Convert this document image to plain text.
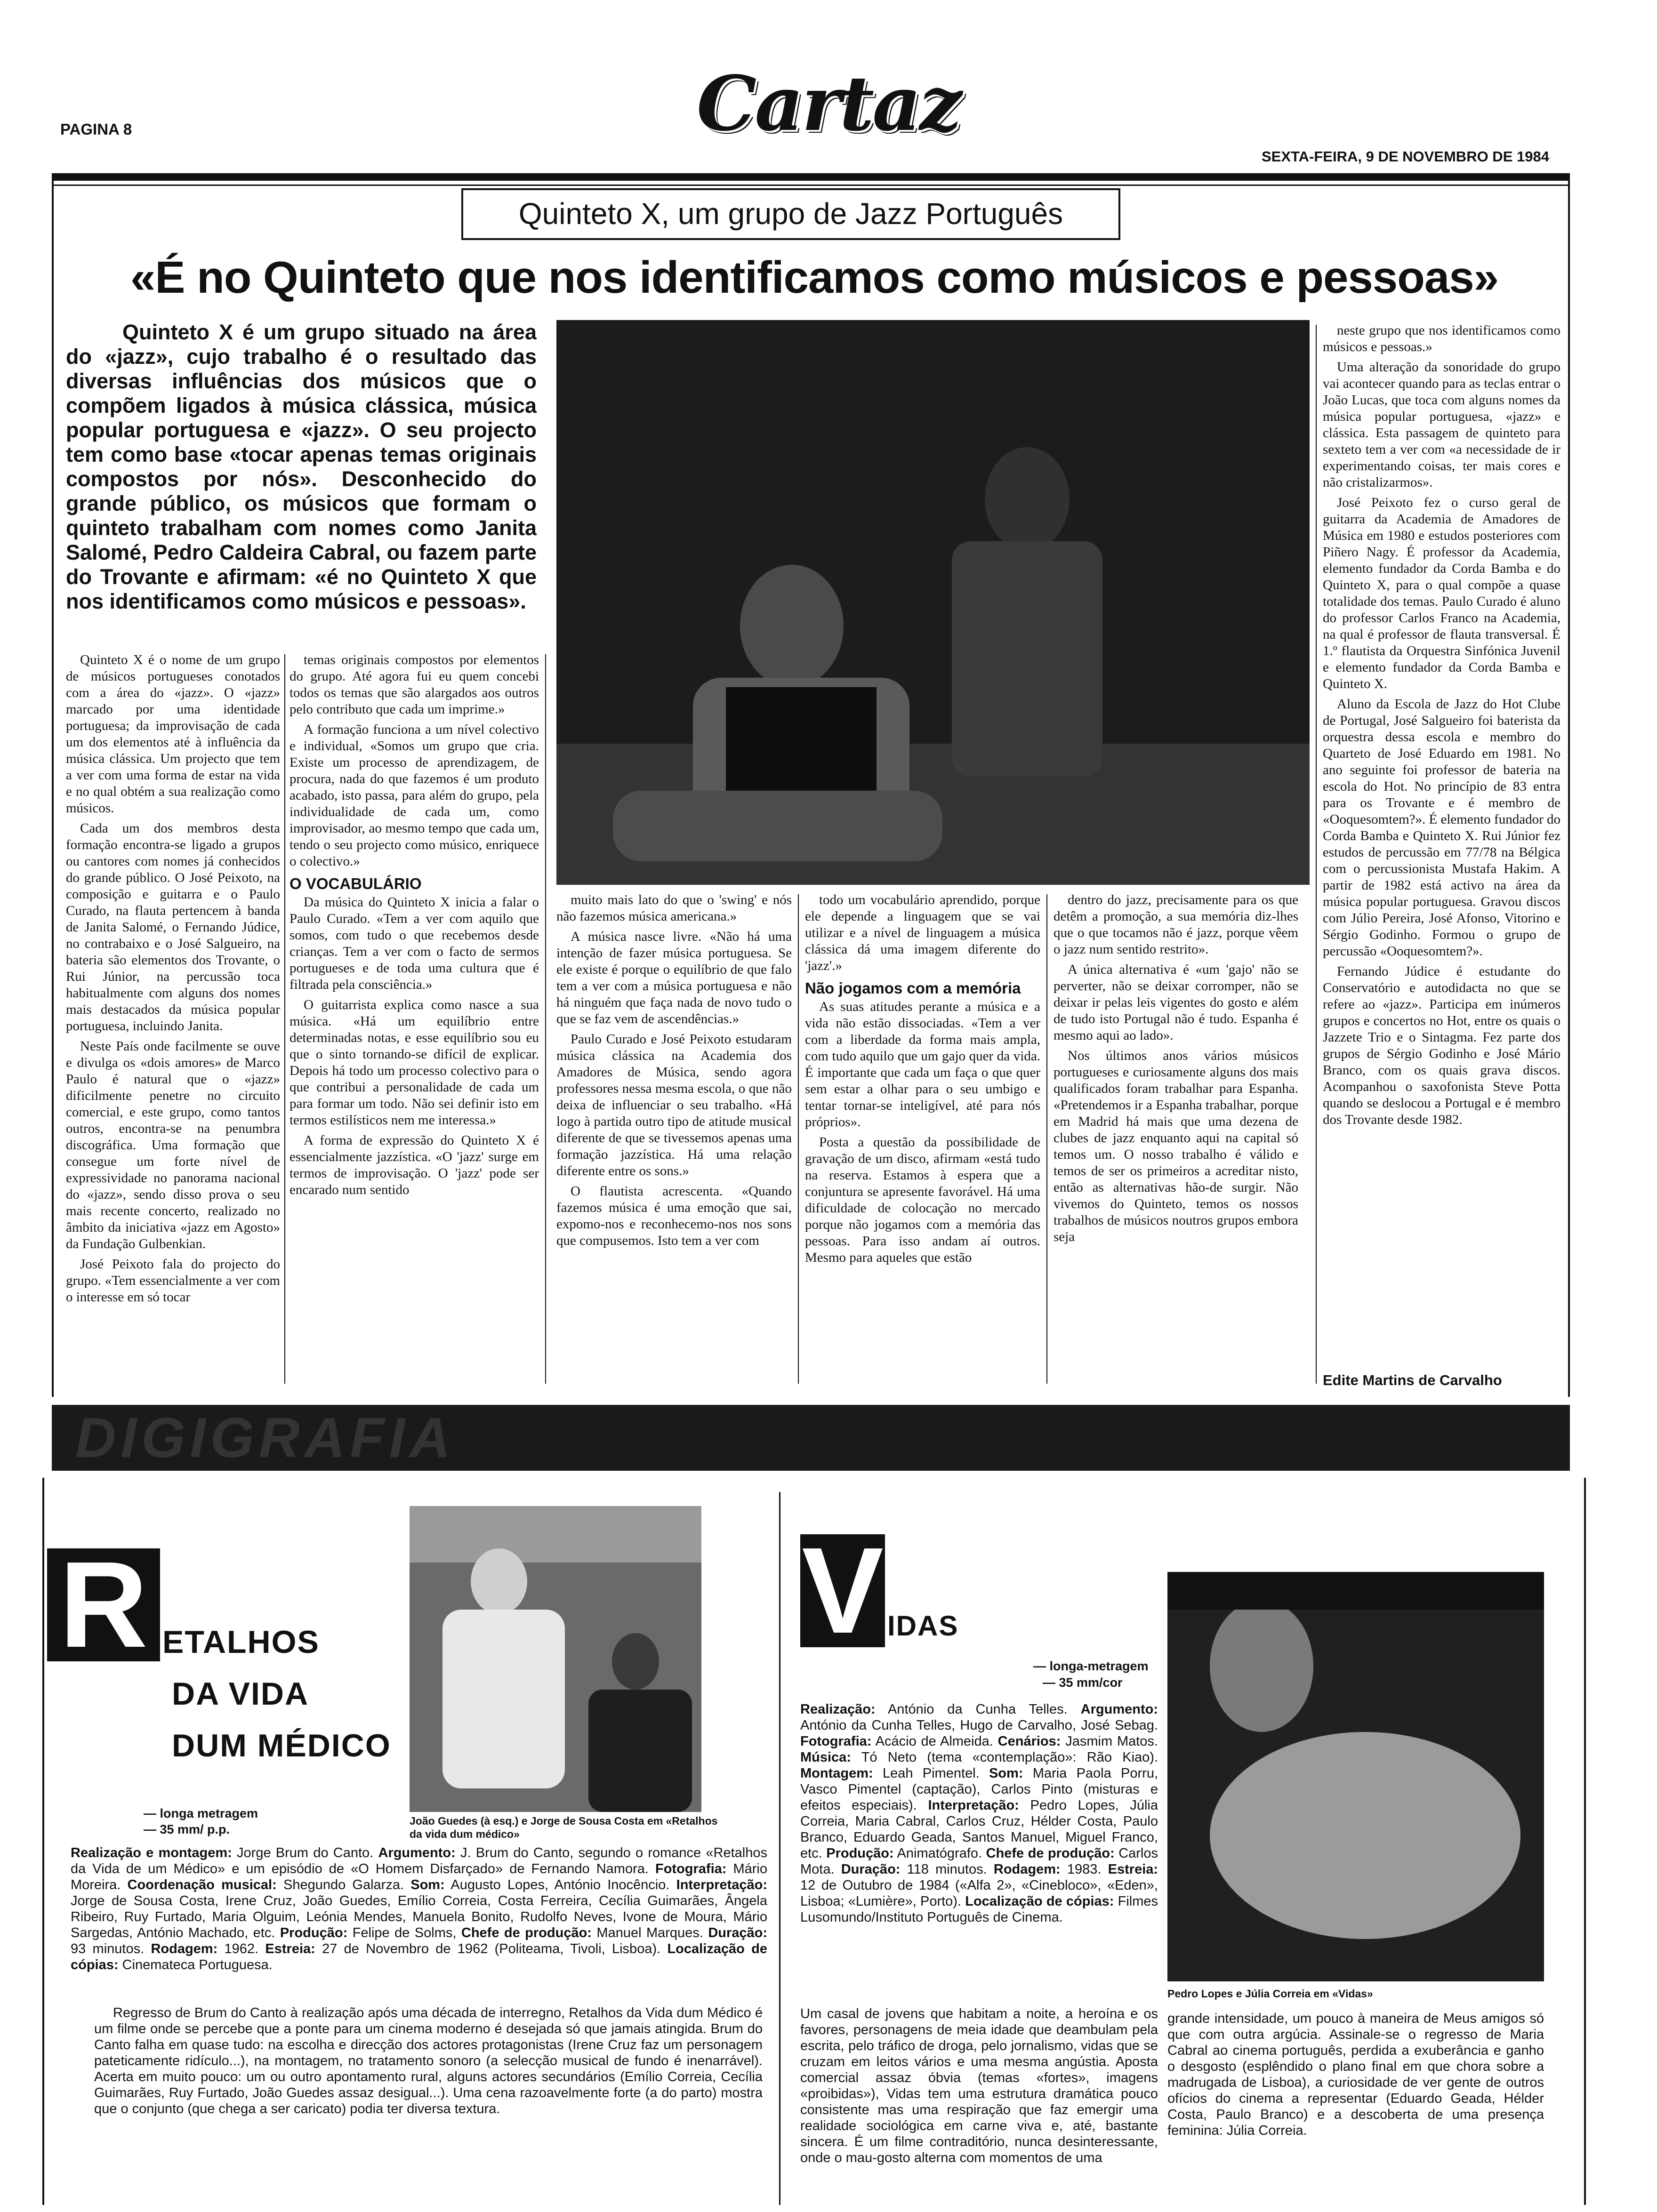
PAGINA 8	Cartaz
SEXTA-FEIRA, 9 DE NOVEMBRO DE 1984
Quinteto X, um grupo de Jazz Português
«É no Quinteto que nos identificamos como músicos e pessoas»
Quinteto X é um grupo situado na área do «jazz», cujo trabalho é o resultado das diversas influências dos músicos que o compõem ligados à música clássica, música popular portuguesa e «jazz». O seu projecto tem como base «tocar apenas temas originais compostos por nós». Desconhecido do grande público, os músicos que formam o quinteto trabalham com nomes como Janita Salomé, Pedro Caldeira Cabral, ou fazem parte do Trovante e afirmam: «é no Quinteto X que nos identificamos como músicos e pessoas».

Quinteto X é o nome de um grupo de músicos portugueses conotados com a área do «jazz». O «jazz» marcado por uma identidade portuguesa; da improvisação de cada um dos elementos até à influência da música clássica. Um projecto que tem a ver com uma forma de estar na vida e no qual obtém a sua realização como músicos.

Cada um dos membros desta formação encontra-se ligado a grupos ou cantores com nomes já conhecidos do grande público. O José Peixoto, na composição e guitarra e o Paulo Curado, na flauta pertencem à banda de Janita Salomé, o Fernando Júdice, no contrabaixo e o José Salgueiro, na bateria são elementos dos Trovante, o Rui Júnior, na percussão toca habitualmente com alguns dos nomes mais destacados da música popular portuguesa, incluindo Janita.

Neste País onde facilmente se ouve e divulga os «dois amores» de Marco Paulo é natural que o «jazz» dificilmente penetre no circuito comercial, e este grupo, como tantos outros, encontra-se na penumbra discográfica. Uma formação que consegue um forte nível de expressividade no panorama nacional do «jazz», sendo disso prova o seu mais recente concerto, realizado no âmbito da iniciativa «jazz em Agosto» da Fundação Gulbenkian.

José Peixoto fala do projecto do grupo. «Tem essencialmente a ver com o interesse em só tocar

temas originais compostos por elementos do grupo. Até agora fui eu quem concebi todos os temas que são alargados aos outros pelo contributo que cada um imprime.»

A formação funciona a um nível colectivo e individual, «Somos um grupo que cria. Existe um processo de aprendizagem, de procura, nada do que fazemos é um produto acabado, isto passa, para além do grupo, pela individualidade de cada um, como improvisador, ao mesmo tempo que cada um, tendo o seu projecto como músico, enriquece o colectivo.»

O VOCABULÁRIO

Da música do Quinteto X inicia a falar o Paulo Curado. «Tem a ver com aquilo que somos, com tudo o que recebemos desde crianças. Tem a ver com o facto de sermos portugueses e de toda uma cultura que é filtrada pela consciência.»

O guitarrista explica como nasce a sua música. «Há um equilíbrio entre determinadas notas, e esse equilíbrio sou eu que o sinto tornando-se difícil de explicar. Depois há todo um processo colectivo para o que contribui a personalidade de cada um para formar um todo. Não sei definir isto em termos estilísticos nem me interessa.»

A forma de expressão do Quinteto X é essencialmente jazzística. «O 'jazz' surge em termos de improvisação. O 'jazz' pode ser encarado num sentido

muito mais lato do que o 'swing' e nós não fazemos música americana.»

A música nasce livre. «Não há uma intenção de fazer música portuguesa. Se ele existe é porque o equilíbrio de que falo tem a ver com a música portuguesa e não há ninguém que faça nada de novo tudo o que se faz vem de ascendências.»

Paulo Curado e José Peixoto estudaram música clássica na Academia dos Amadores de Música, sendo agora professores nessa mesma escola, o que não deixa de influenciar o seu trabalho. «Há logo à partida outro tipo de atitude musical diferente de que se tivessemos apenas uma formação jazzística. Há uma relação diferente entre os sons.»

O flautista acrescenta. «Quando fazemos música é uma emoção que sai, expomo-nos e reconhecemo-nos nos sons que compusemos. Isto tem a ver com

todo um vocabulário aprendido, porque ele depende a linguagem que se vai utilizar e a nível de linguagem a música clássica dá uma imagem diferente do 'jazz'.»

Não jogamos com a memória

As suas atitudes perante a música e a vida não estão dissociadas. «Tem a ver com a liberdade da forma mais ampla, com tudo aquilo que um gajo quer da vida. É importante que cada um faça o que quer sem estar a olhar para o seu umbigo e tentar tornar-se inteligível, até para nós próprios».

Posta a questão da possibilidade de gravação de um disco, afirmam «está tudo na reserva. Estamos à espera que a conjuntura se apresente favorável. Há uma dificuldade de colocação no mercado porque não jogamos com a memória das pessoas. Para isso andam aí outros. Mesmo para aqueles que estão

dentro do jazz, precisamente para os que detêm a promoção, a sua memória diz-lhes que o que tocamos não é jazz, porque vêem o jazz num sentido restrito».

A única alternativa é «um 'gajo' não se perverter, não se deixar corromper, não se deixar ir pelas leis vigentes do gosto e além de tudo isto Portugal não é tudo. Espanha é mesmo aqui ao lado».

Nos últimos anos vários músicos portugueses e curiosamente alguns dos mais qualificados foram trabalhar para Espanha. «Pretendemos ir a Espanha trabalhar, porque em Madrid há mais que uma dezena de clubes de jazz enquanto aqui na capital só temos um. O nosso trabalho é válido e temos de ser os primeiros a acreditar nisto, então as alternativas hão-de surgir. Não vivemos do Quinteto, temos os nossos trabalhos de músicos noutros grupos embora seja

neste grupo que nos identificamos como músicos e pessoas.»

Uma alteração da sonoridade do grupo vai acontecer quando para as teclas entrar o João Lucas, que toca com alguns nomes da música popular portuguesa, «jazz» e clássica. Esta passagem de quinteto para sexteto tem a ver com «a necessidade de ir experimentando coisas, ter mais cores e não cristalizarmos».

José Peixoto fez o curso geral de guitarra da Academia de Amadores de Música em 1980 e estudos posteriores com Piñero Nagy. É professor da Academia, elemento fundador da Corda Bamba e do Quinteto X, para o qual compõe a quase totalidade dos temas. Paulo Curado é aluno do professor Carlos Franco na Academia, na qual é professor de flauta transversal. É 1.º flautista da Orquestra Sinfónica Juvenil e elemento fundador da Corda Bamba e Quinteto X.

Aluno da Escola de Jazz do Hot Clube de Portugal, José Salgueiro foi baterista da orquestra dessa escola e membro do Quarteto de José Eduardo em 1981. No ano seguinte foi professor de bateria na escola do Hot. No princípio de 83 entra para os Trovante e é membro de «Ooquesomtem?». É elemento fundador do Corda Bamba e Quinteto X. Rui Júnior fez estudos de percussão em 77/78 na Bélgica com o percussionista Mustafa Hakim. A partir de 1982 está activo na área da música popular portuguesa. Gravou discos com Júlio Pereira, José Afonso, Vitorino e Sérgio Godinho. Formou o grupo de percussão «Ooquesomtem?».

Fernando Júdice é estudante do Conservatório e autodidacta no que se refere ao «jazz». Participa em inúmeros grupos e concertos no Hot, entre os quais o Jazzete Trio e o Sintagma. Fez parte dos grupos de Sérgio Godinho e José Mário Branco, com os quais grava discos. Acompanhou o saxofonista Steve Potta quando se deslocou a Portugal e é membro dos Trovante desde 1982.

Edite Martins de Carvalho
DIGIGRAFIA
R ETALHOS
DA VIDA
DUM MÉDICO
— longa metragem
— 35 mm/ p.p.
João Guedes (à esq.) e Jorge de Sousa Costa em «Retalhos da vida dum médico»
Realização e montagem: Jorge Brum do Canto. Argumento: J. Brum do Canto, segundo o romance «Retalhos da Vida de um Médico» e um episódio de «O Homem Disfarçado» de Fernando Namora. Fotografia: Mário Moreira. Coordenação musical: Shegundo Galarza. Som: Augusto Lopes, António Inocêncio. Interpretação: Jorge de Sousa Costa, Irene Cruz, João Guedes, Emílio Correia, Costa Ferreira, Cecília Guimarães, Ângela Ribeiro, Ruy Furtado, Maria Olguim, Leónia Mendes, Manuela Bonito, Rudolfo Neves, Ivone de Moura, Mário Sargedas, António Machado, etc. Produção: Felipe de Solms, Chefe de produção: Manuel Marques. Duração: 93 minutos. Rodagem: 1962. Estreia: 27 de Novembro de 1962 (Politeama, Tivoli, Lisboa). Localização de cópias: Cinemateca Portuguesa.
Regresso de Brum do Canto à realização após uma década de interregno, Retalhos da Vida dum Médico é um filme onde se percebe que a ponte para um cinema moderno é desejada só que jamais atingida. Brum do Canto falha em quase tudo: na escolha e direcção dos actores protagonistas (Irene Cruz faz um personagem pateticamente ridículo...), na montagem, no tratamento sonoro (a selecção musical de fundo é inenarrável). Acerta em muito pouco: um ou outro apontamento rural, alguns actores secundários (Emílio Correia, Cecília Guimarães, Ruy Furtado, João Guedes assaz desigual...). Uma cena razoavelmente forte (a do parto) mostra que o conjunto (que chega a ser caricato) podia ter diversa textura.
V IDAS
— longa-metragem
— 35 mm/cor
Pedro Lopes e Júlia Correia em «Vidas»
Realização: António da Cunha Telles. Argumento: António da Cunha Telles, Hugo de Carvalho, José Sebag. Fotografia: Acácio de Almeida. Cenários: Jasmim Matos. Música: Tó Neto (tema «contemplação»: Rão Kiao). Montagem: Leah Pimentel. Som: Maria Paola Porru, Vasco Pimentel (captação), Carlos Pinto (misturas e efeitos especiais). Interpretação: Pedro Lopes, Júlia Correia, Maria Cabral, Carlos Cruz, Hélder Costa, Paulo Branco, Eduardo Geada, Santos Manuel, Miguel Franco, etc. Produção: Animatógrafo. Chefe de produção: Carlos Mota. Duração: 118 minutos. Rodagem: 1983. Estreia: 12 de Outubro de 1984 («Alfa 2», «Cinebloco», «Eden», Lisboa; «Lumière», Porto). Localização de cópias: Filmes Lusomundo/Instituto Português de Cinema.
Um casal de jovens que habitam a noite, a heroína e os favores, personagens de meia idade que deambulam pela escrita, pelo tráfico de droga, pelo jornalismo, vidas que se cruzam em leitos vários e uma mesma angústia. Aposta comercial assaz óbvia (temas «fortes», imagens «proibidas»), Vidas tem uma estrutura dramática pouco consistente mas uma respiração que faz emergir uma realidade sociológica em carne viva e, até, bastante sincera. É um filme contraditório, nunca desinteressante, onde o mau-gosto alterna com momentos de uma
grande intensidade, um pouco à maneira de Meus amigos só que com outra argúcia. Assinale-se o regresso de Maria Cabral ao cinema português, perdida a exuberância e ganho o desgosto (esplêndido o plano final em que chora sobre a madrugada de Lisboa), a curiosidade de ver gente de outros ofícios do cinema a representar (Eduardo Geada, Hélder Costa, Paulo Branco) e a descoberta de uma presença feminina: Júlia Correia.
